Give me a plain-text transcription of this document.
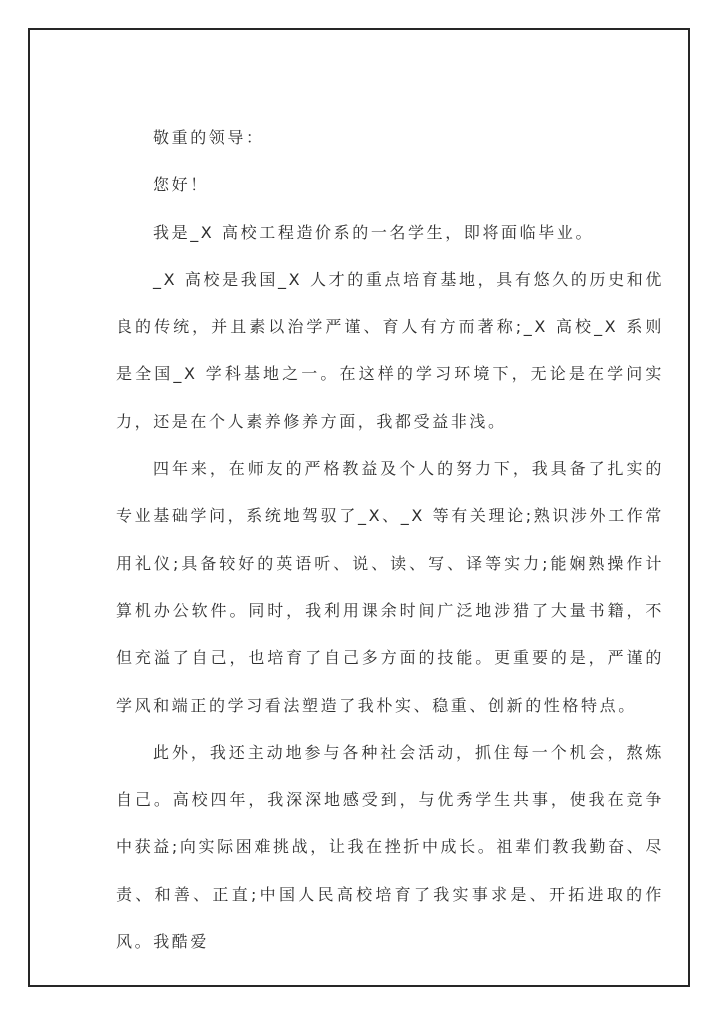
敬重的领导：

您好！

我是_X 高校工程造价系的一名学生，即将面临毕业。

_X 高校是我国_X 人才的重点培育基地，具有悠久的历史和优良的传统，并且素以治学严谨、育人有方而著称;_X 高校_X 系则是全国_X 学科基地之一。在这样的学习环境下，无论是在学问实力，还是在个人素养修养方面，我都受益非浅。

四年来，在师友的严格教益及个人的努力下，我具备了扎实的专业基础学问，系统地驾驭了_X、_X 等有关理论;熟识涉外工作常用礼仪;具备较好的英语听、说、读、写、译等实力;能娴熟操作计算机办公软件。同时，我利用课余时间广泛地涉猎了大量书籍，不但充溢了自己，也培育了自己多方面的技能。更重要的是，严谨的学风和端正的学习看法塑造了我朴实、稳重、创新的性格特点。

此外，我还主动地参与各种社会活动，抓住每一个机会，熬炼自己。高校四年，我深深地感受到，与优秀学生共事，使我在竞争中获益;向实际困难挑战，让我在挫折中成长。祖辈们教我勤奋、尽责、和善、正直;中国人民高校培育了我实事求是、开拓进取的作风。我酷爱
